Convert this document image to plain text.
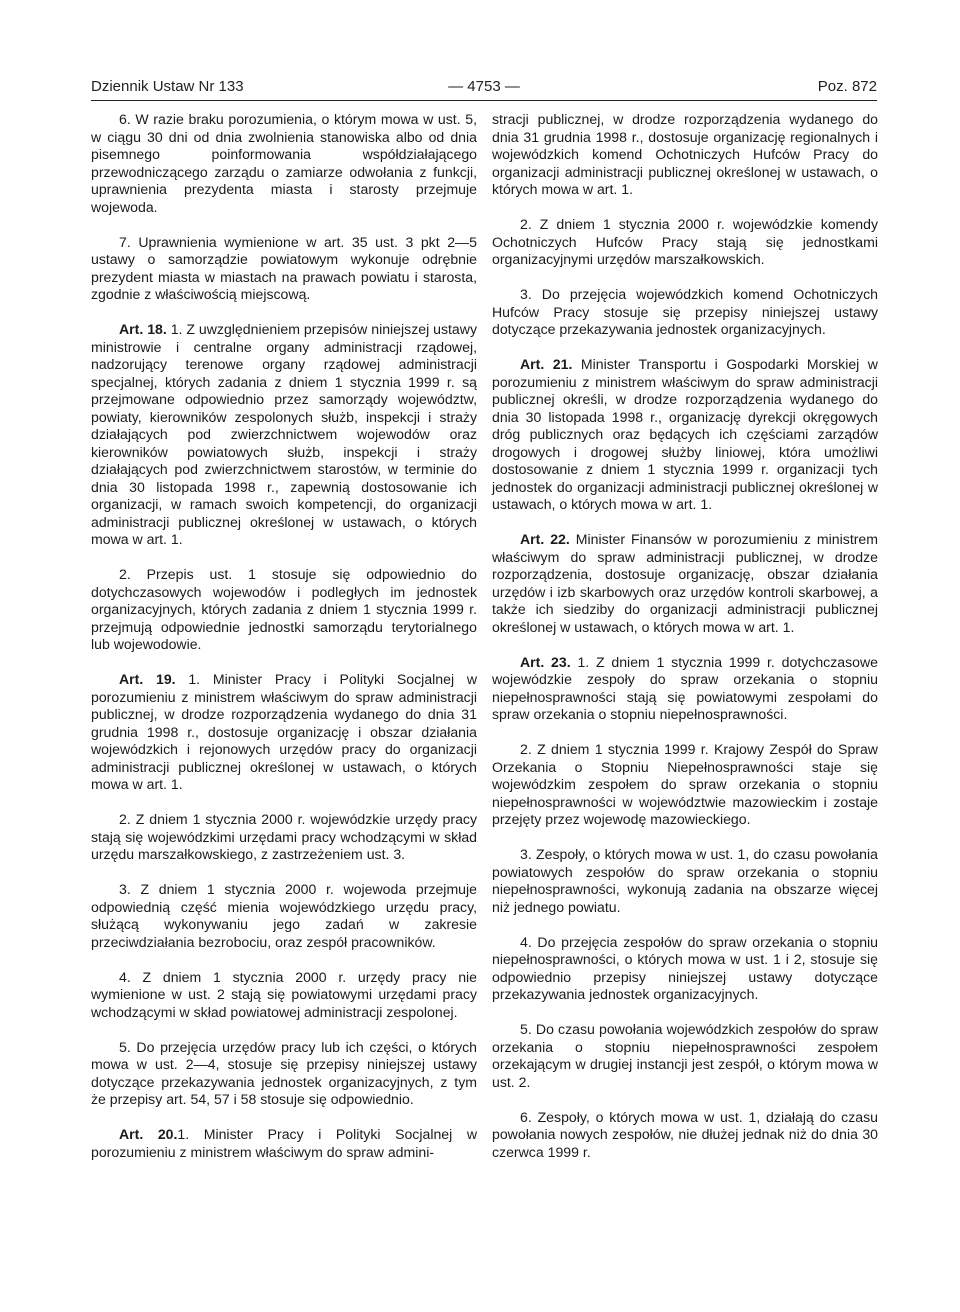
Dziennik Ustaw Nr 133	— 4753 —	Poz. 872

6. W razie braku porozumienia, o którym mowa w ust. 5, w ciągu 30 dni od dnia zwolnienia stanowiska albo od dnia pisemnego poinformowania współdziałającego przewodniczącego zarządu o zamiarze odwołania z funkcji, uprawnienia prezydenta miasta i starosty przejmuje wojewoda.

7. Uprawnienia wymienione w art. 35 ust. 3 pkt 2—5 ustawy o samorządzie powiatowym wykonuje odrębnie prezydent miasta w miastach na prawach powiatu i starosta, zgodnie z właściwością miejscową.

Art. 18. 1. Z uwzględnieniem przepisów niniejszej ustawy ministrowie i centralne organy administracji rządowej, nadzorujący terenowe organy rządowej administracji specjalnej, których zadania z dniem 1 stycznia 1999 r. są przejmowane odpowiednio przez samorządy województw, powiaty, kierowników zespolonych służb, inspekcji i straży działających pod zwierzchnictwem wojewodów oraz kierowników powiatowych służb, inspekcji i straży działających pod zwierzchnictwem starostów, w terminie do dnia 30 listopada 1998 r., zapewnią dostosowanie ich organizacji, w ramach swoich kompetencji, do organizacji administracji publicznej określonej w ustawach, o których mowa w art. 1.

2. Przepis ust. 1 stosuje się odpowiednio do dotychczasowych wojewodów i podległych im jednostek organizacyjnych, których zadania z dniem 1 stycznia 1999 r. przejmują odpowiednie jednostki samorządu terytorialnego lub wojewodowie.

Art. 19. 1. Minister Pracy i Polityki Socjalnej w porozumieniu z ministrem właściwym do spraw administracji publicznej, w drodze rozporządzenia wydanego do dnia 31 grudnia 1998 r., dostosuje organizację i obszar działania wojewódzkich i rejonowych urzędów pracy do organizacji administracji publicznej określonej w ustawach, o których mowa w art. 1.

2. Z dniem 1 stycznia 2000 r. wojewódzkie urzędy pracy stają się wojewódzkimi urzędami pracy wchodzącymi w skład urzędu marszałkowskiego, z zastrzeżeniem ust. 3.

3. Z dniem 1 stycznia 2000 r. wojewoda przejmuje odpowiednią część mienia wojewódzkiego urzędu pracy, służącą wykonywaniu jego zadań w zakresie przeciwdziałania bezrobociu, oraz zespół pracowników.

4. Z dniem 1 stycznia 2000 r. urzędy pracy nie wymienione w ust. 2 stają się powiatowymi urzędami pracy wchodzącymi w skład powiatowej administracji zespolonej.

5. Do przejęcia urzędów pracy lub ich części, o których mowa w ust. 2—4, stosuje się przepisy niniejszej ustawy dotyczące przekazywania jednostek organizacyjnych, z tym że przepisy art. 54, 57 i 58 stosuje się odpowiednio.

Art. 20.1. Minister Pracy i Polityki Socjalnej w porozumieniu z ministrem właściwym do spraw admini-

stracji publicznej, w drodze rozporządzenia wydanego do dnia 31 grudnia 1998 r., dostosuje organizację regionalnych i wojewódzkich komend Ochotniczych Hufców Pracy do organizacji administracji publicznej określonej w ustawach, o których mowa w art. 1.

2. Z dniem 1 stycznia 2000 r. wojewódzkie komendy Ochotniczych Hufców Pracy stają się jednostkami organizacyjnymi urzędów marszałkowskich.

3. Do przejęcia wojewódzkich komend Ochotniczych Hufców Pracy stosuje się przepisy niniejszej ustawy dotyczące przekazywania jednostek organizacyjnych.

Art. 21. Minister Transportu i Gospodarki Morskiej w porozumieniu z ministrem właściwym do spraw administracji publicznej określi, w drodze rozporządzenia wydanego do dnia 30 listopada 1998 r., organizację dyrekcji okręgowych dróg publicznych oraz będących ich częściami zarządów drogowych i drogowej służby liniowej, która umożliwi dostosowanie z dniem 1 stycznia 1999 r. organizacji tych jednostek do organizacji administracji publicznej określonej w ustawach, o których mowa w art. 1.

Art. 22. Minister Finansów w porozumieniu z ministrem właściwym do spraw administracji publicznej, w drodze rozporządzenia, dostosuje organizację, obszar działania urzędów i izb skarbowych oraz urzędów kontroli skarbowej, a także ich siedziby do organizacji administracji publicznej określonej w ustawach, o których mowa w art. 1.

Art. 23. 1. Z dniem 1 stycznia 1999 r. dotychczasowe wojewódzkie zespoły do spraw orzekania o stopniu niepełnosprawności stają się powiatowymi zespołami do spraw orzekania o stopniu niepełnosprawności.

2. Z dniem 1 stycznia 1999 r. Krajowy Zespół do Spraw Orzekania o Stopniu Niepełnosprawności staje się wojewódzkim zespołem do spraw orzekania o stopniu niepełnosprawności w województwie mazowieckim i zostaje przejęty przez wojewodę mazowieckiego.

3. Zespoły, o których mowa w ust. 1, do czasu powołania powiatowych zespołów do spraw orzekania o stopniu niepełnosprawności, wykonują zadania na obszarze więcej niż jednego powiatu.

4. Do przejęcia zespołów do spraw orzekania o stopniu niepełnosprawności, o których mowa w ust. 1 i 2, stosuje się odpowiednio przepisy niniejszej ustawy dotyczące przekazywania jednostek organizacyjnych.

5. Do czasu powołania wojewódzkich zespołów do spraw orzekania o stopniu niepełnosprawności zespołem orzekającym w drugiej instancji jest zespół, o którym mowa w ust. 2.

6. Zespoły, o których mowa w ust. 1, działają do czasu powołania nowych zespołów, nie dłużej jednak niż do dnia 30 czerwca 1999 r.
